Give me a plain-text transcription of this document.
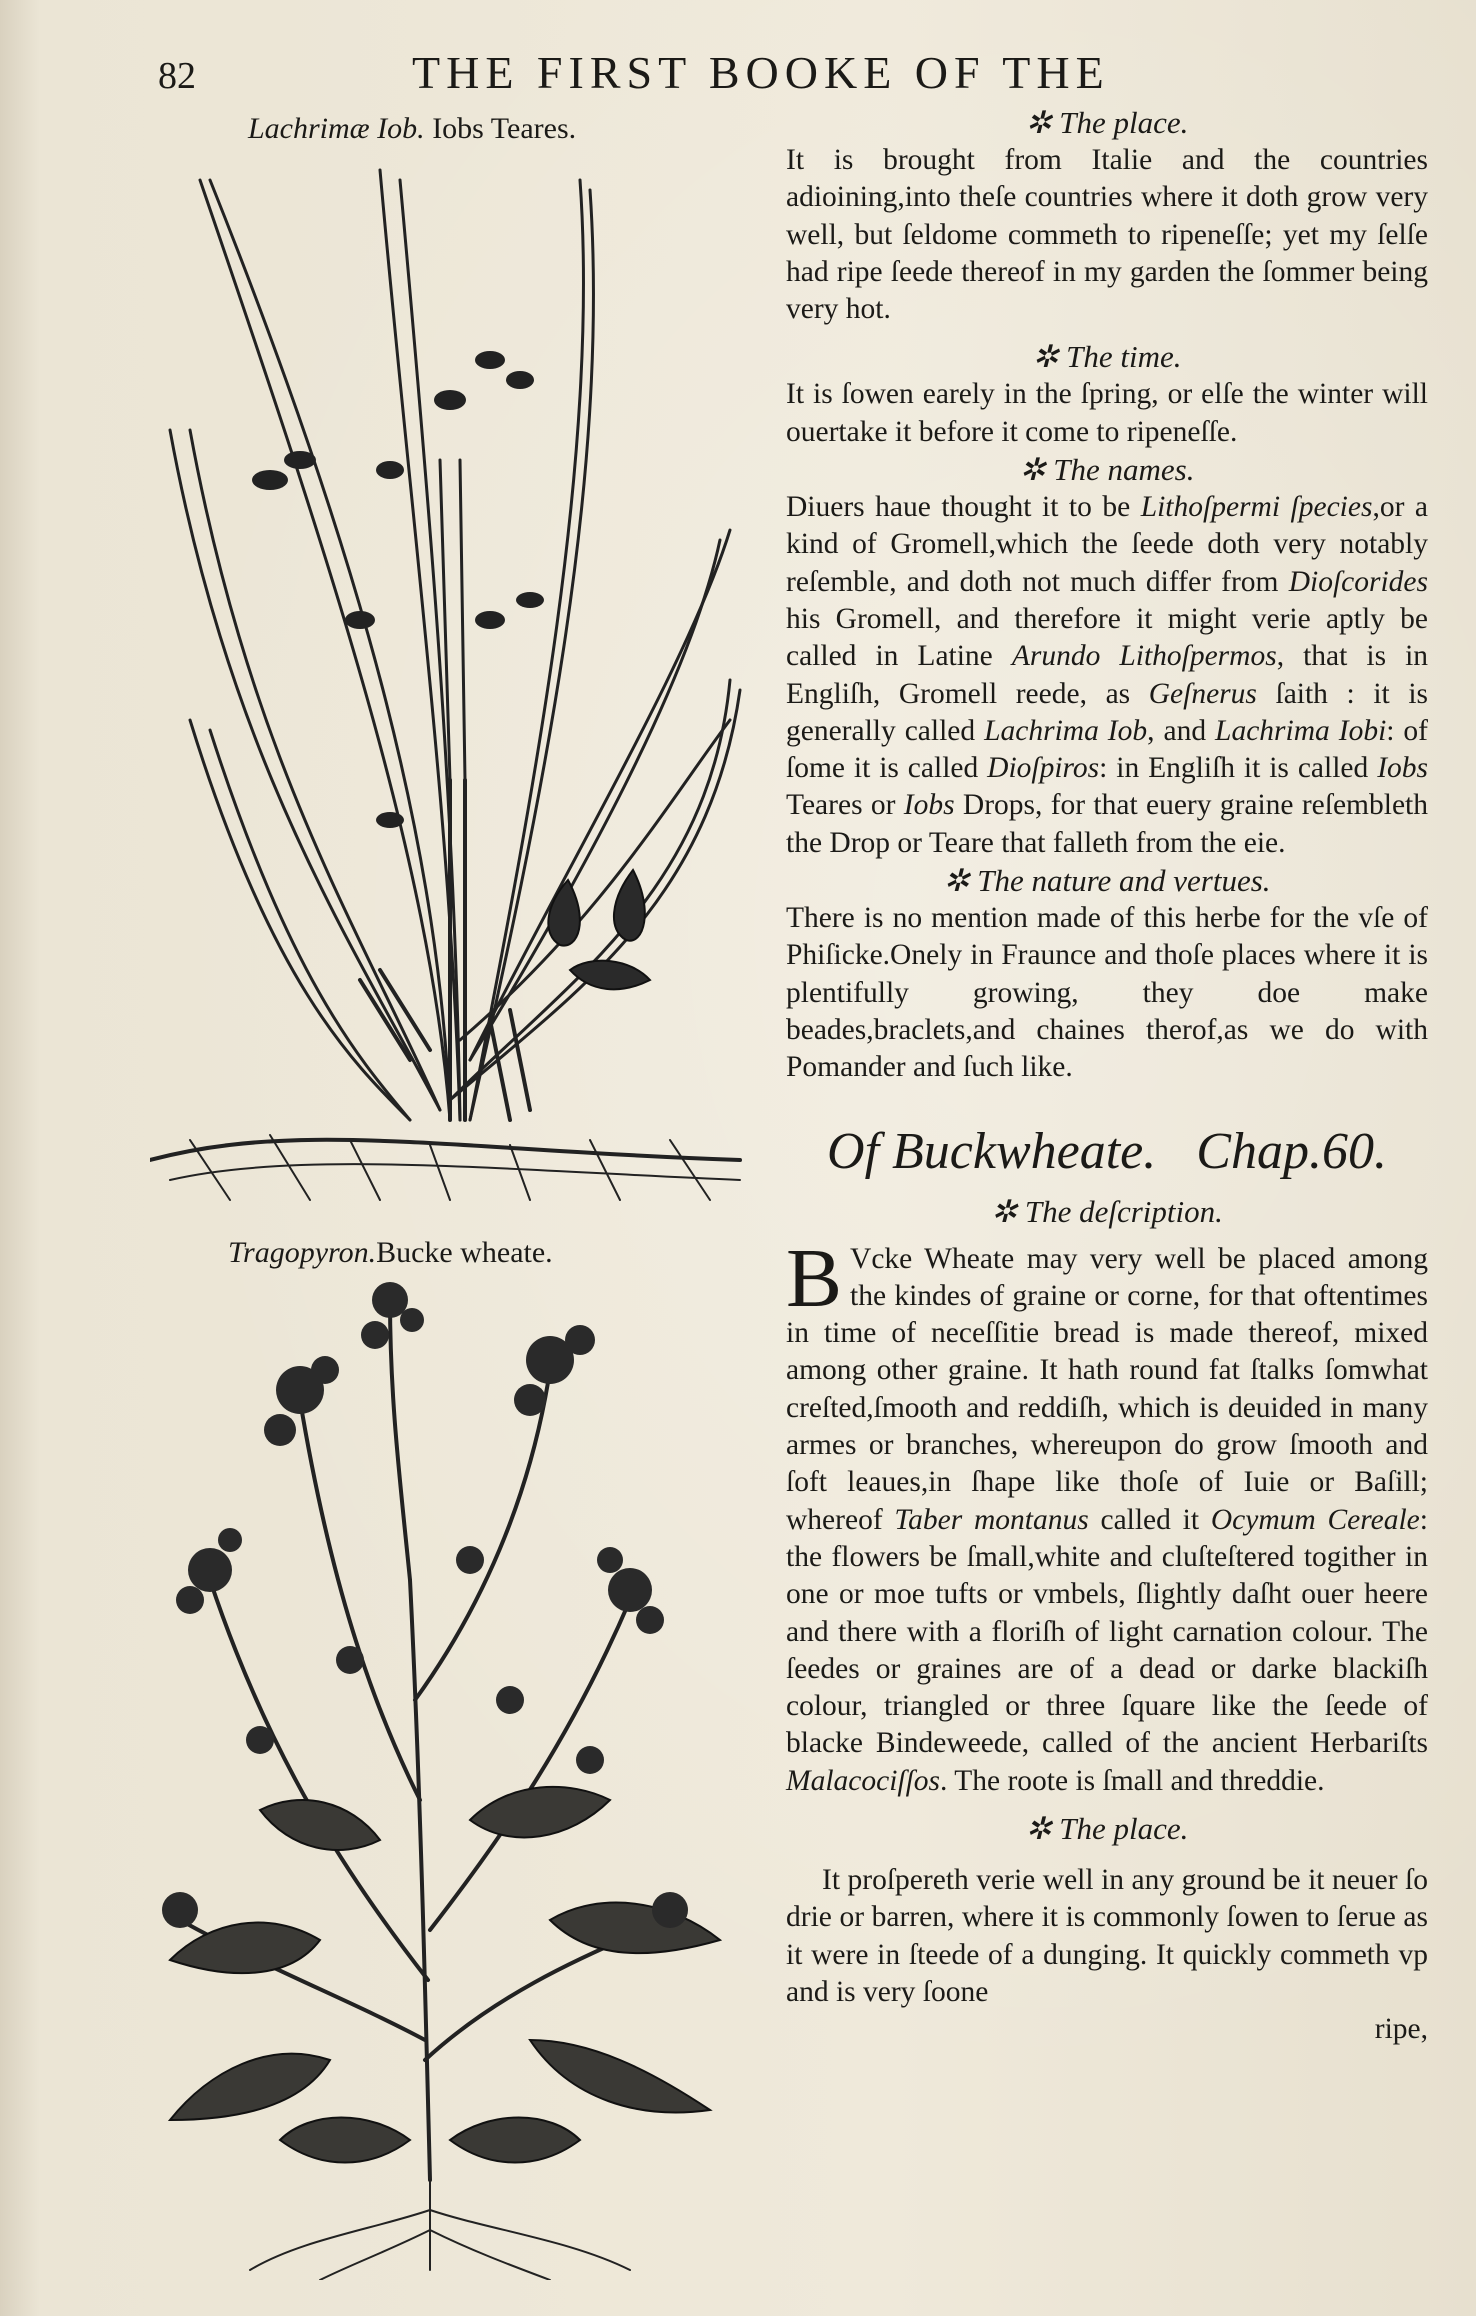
82	THE FIRST BOOKE OF THE
Lachrimæ Iob. Iobs Teares.
Tragopyron.Bucke wheate.

✲ The place.

It is brought from Italie and the countries adioining,into theſe countries where it doth grow very well, but ſeldome commeth to ripeneſſe; yet my ſelſe had ripe ſeede thereof in my garden the ſommer being very hot.

✲ The time.

It is ſowen earely in the ſpring, or elſe the winter will ouertake it before it come to ripeneſſe.

✲ The names.

Diuers haue thought it to be Lithoſpermi ſpecies,or a kind of Gromell,which the ſeede doth very notably reſemble, and doth not much differ from Dioſcorides his Gromell, and therefore it might verie aptly be called in Latine Arundo Lithoſpermos, that is in Engliſh, Gromell reede, as Geſnerus ſaith : it is generally called Lachrima Iob, and Lachrima Iobi: of ſome it is called Dioſpiros: in Engliſh it is called Iobs Teares or Iobs Drops, for that euery graine reſembleth the Drop or Teare that falleth from the eie.

✲ The nature and vertues.

There is no mention made of this herbe for the vſe of Phiſicke.Onely in Fraunce and thoſe places where it is plentifully growing, they doe make beades,braclets,and chaines therof,as we do with Pomander and ſuch like.

Of Buckwheate. Chap.60.

✲ The deſcription.

B Vcke Wheate may very well be placed among the kindes of graine or corne, for that oftentimes in time of neceſſitie bread is made thereof, mixed among other graine. It hath round fat ſtalks ſomwhat creſted,ſmooth and reddiſh, which is deuided in many armes or branches, whereupon do grow ſmooth and ſoft leaues,in ſhape like thoſe of Iuie or Baſill; whereof Taber montanus called it Ocymum Cereale: the flowers be ſmall,white and cluſteſtered togither in one or moe tufts or vmbels, ſlightly daſht ouer heere and there with a floriſh of light carnation colour. The ſeedes or graines are of a dead or darke blackiſh colour, triangled or three ſquare like the ſeede of blacke Bindeweede, called of the ancient Herbariſts Malacociſſos. The roote is ſmall and threddie.

✲ The place.

It proſpereth verie well in any ground be it neuer ſo drie or barren, where it is commonly ſowen to ſerue as it were in ſteede of a dunging. It quickly commeth vp and is very ſoone

ripe,
